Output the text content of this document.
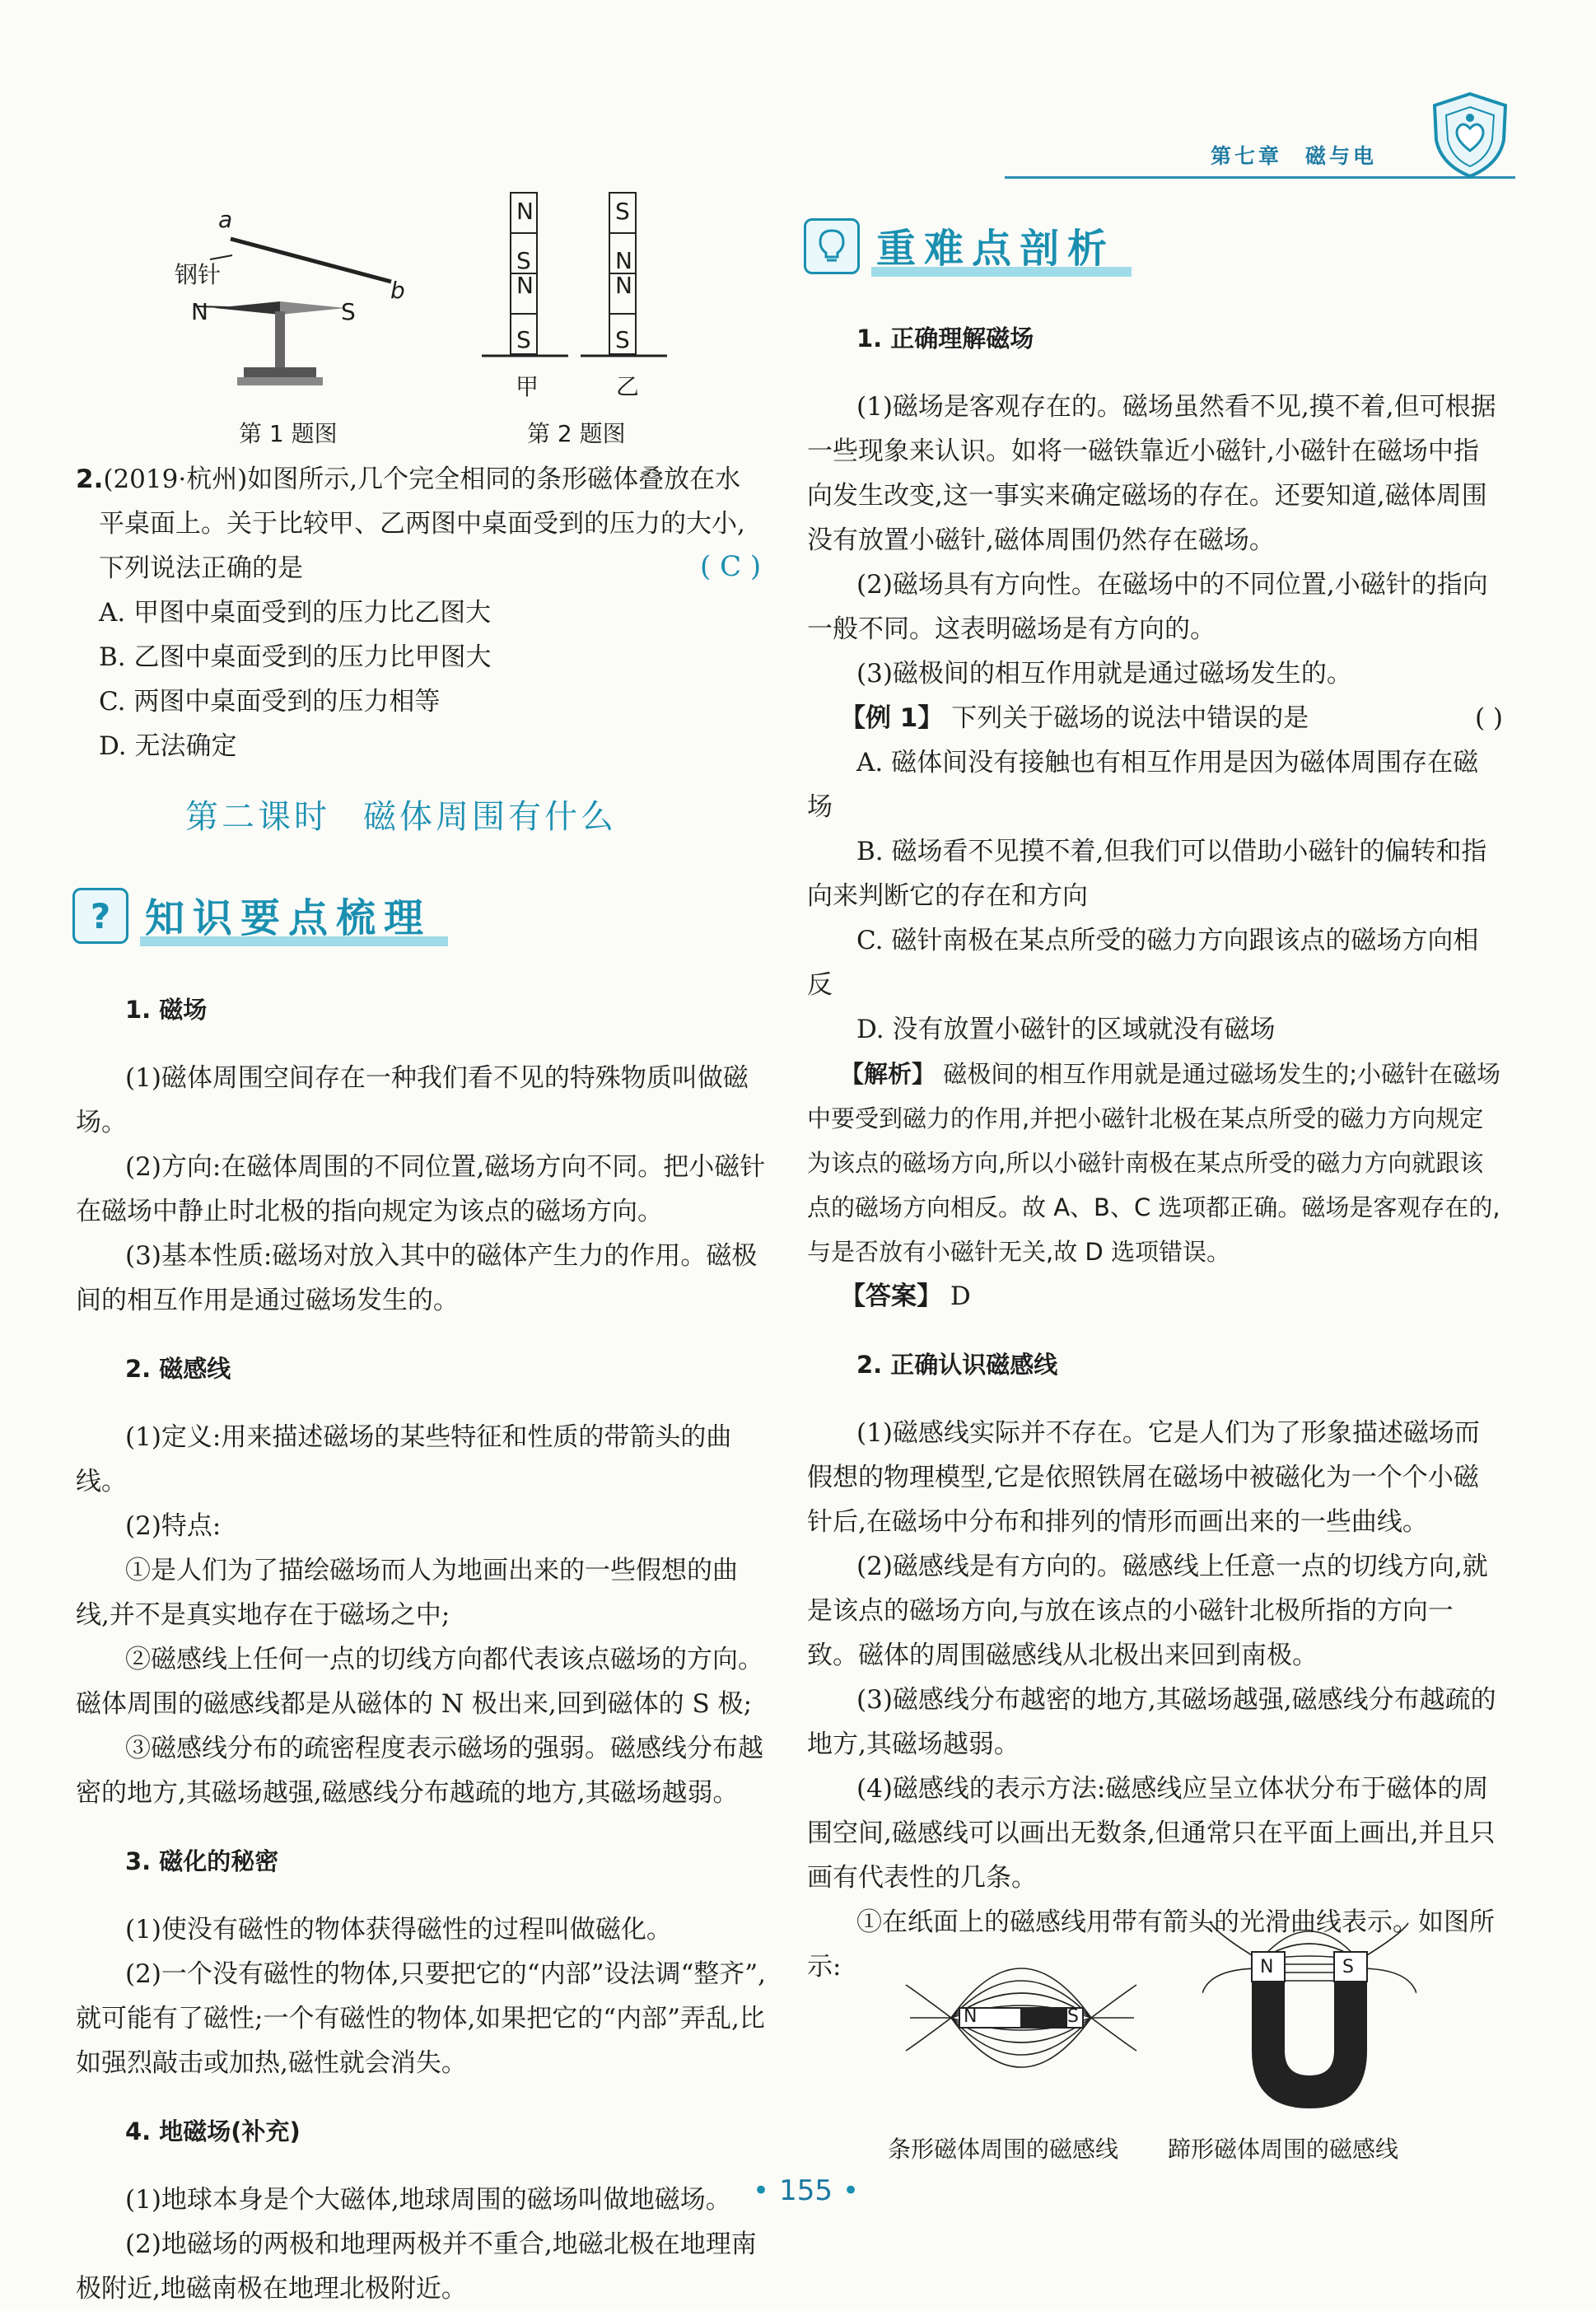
第七章 磁与电
a
b
钢针
N	S
第 1 题图
N
S
N
S
S
N
N
S
甲	乙
第 2 题图

2.(2019·杭州)如图所示,几个完全相同的条形磁体叠放在水

平桌面上。关于比较甲、乙两图中桌面受到的压力的大小,

下列说法正确的是

A. 甲图中桌面受到的压力比乙图大

B. 乙图中桌面受到的压力比甲图大

C. 两图中桌面受到的压力相等

D. 无法确定

( C )
第二课时 磁体周围有什么
? 知识要点梳理

1. 磁场

(1)磁体周围空间存在一种我们看不见的特殊物质叫做磁场。

(2)方向:在磁体周围的不同位置,磁场方向不同。把小磁针在磁场中静止时北极的指向规定为该点的磁场方向。

(3)基本性质:磁场对放入其中的磁体产生力的作用。磁极间的相互作用是通过磁场发生的。

2. 磁感线

(1)定义:用来描述磁场的某些特征和性质的带箭头的曲线。

(2)特点:

①是人们为了描绘磁场而人为地画出来的一些假想的曲线,并不是真实地存在于磁场之中;

②磁感线上任何一点的切线方向都代表该点磁场的方向。磁体周围的磁感线都是从磁体的 N 极出来,回到磁体的 S 极;

③磁感线分布的疏密程度表示磁场的强弱。磁感线分布越密的地方,其磁场越强,磁感线分布越疏的地方,其磁场越弱。

3. 磁化的秘密

(1)使没有磁性的物体获得磁性的过程叫做磁化。

(2)一个没有磁性的物体,只要把它的“内部”设法调“整齐”,就可能有了磁性;一个有磁性的物体,如果把它的“内部”弄乱,比如强烈敲击或加热,磁性就会消失。

4. 地磁场(补充)

(1)地球本身是个大磁体,地球周围的磁场叫做地磁场。

(2)地磁场的两极和地理两极并不重合,地磁北极在地理南极附近,地磁南极在地理北极附近。

重难点剖析

1. 正确理解磁场

(1)磁场是客观存在的。磁场虽然看不见,摸不着,但可根据一些现象来认识。如将一磁铁靠近小磁针,小磁针在磁场中指向发生改变,这一事实来确定磁场的存在。还要知道,磁体周围没有放置小磁针,磁体周围仍然存在磁场。

(2)磁场具有方向性。在磁场中的不同位置,小磁针的指向一般不同。这表明磁场是有方向的。

(3)磁极间的相互作用就是通过磁场发生的。

【例 1】 下列关于磁场的说法中错误的是	( )

A. 磁体间没有接触也有相互作用是因为磁体周围存在磁场

B. 磁场看不见摸不着,但我们可以借助小磁针的偏转和指向来判断它的存在和方向

C. 磁针南极在某点所受的磁力方向跟该点的磁场方向相反

D. 没有放置小磁针的区域就没有磁场

【解析】 磁极间的相互作用就是通过磁场发生的;小磁针在磁场中要受到磁力的作用,并把小磁针北极在某点所受的磁力方向规定为该点的磁场方向,所以小磁针南极在某点所受的磁力方向就跟该点的磁场方向相反。故 A、B、C 选项都正确。磁场是客观存在的,与是否放有小磁针无关,故 D 选项错误。

【答案】 D

2. 正确认识磁感线

(1)磁感线实际并不存在。它是人们为了形象描述磁场而假想的物理模型,它是依照铁屑在磁场中被磁化为一个个小磁针后,在磁场中分布和排列的情形而画出来的一些曲线。

(2)磁感线是有方向的。磁感线上任意一点的切线方向,就是该点的磁场方向,与放在该点的小磁针北极所指的方向一致。磁体的周围磁感线从北极出来回到南极。

(3)磁感线分布越密的地方,其磁场越强,磁感线分布越疏的地方,其磁场越弱。

(4)磁感线的表示方法:磁感线应呈立体状分布于磁体的周围空间,磁感线可以画出无数条,但通常只在平面上画出,并且只画有代表性的几条。

①在纸面上的磁感线用带有箭头的光滑曲线表示。如图所示:

N	S
条形磁体周围的磁感线
N	S
蹄形磁体周围的磁感线
• 155 •
